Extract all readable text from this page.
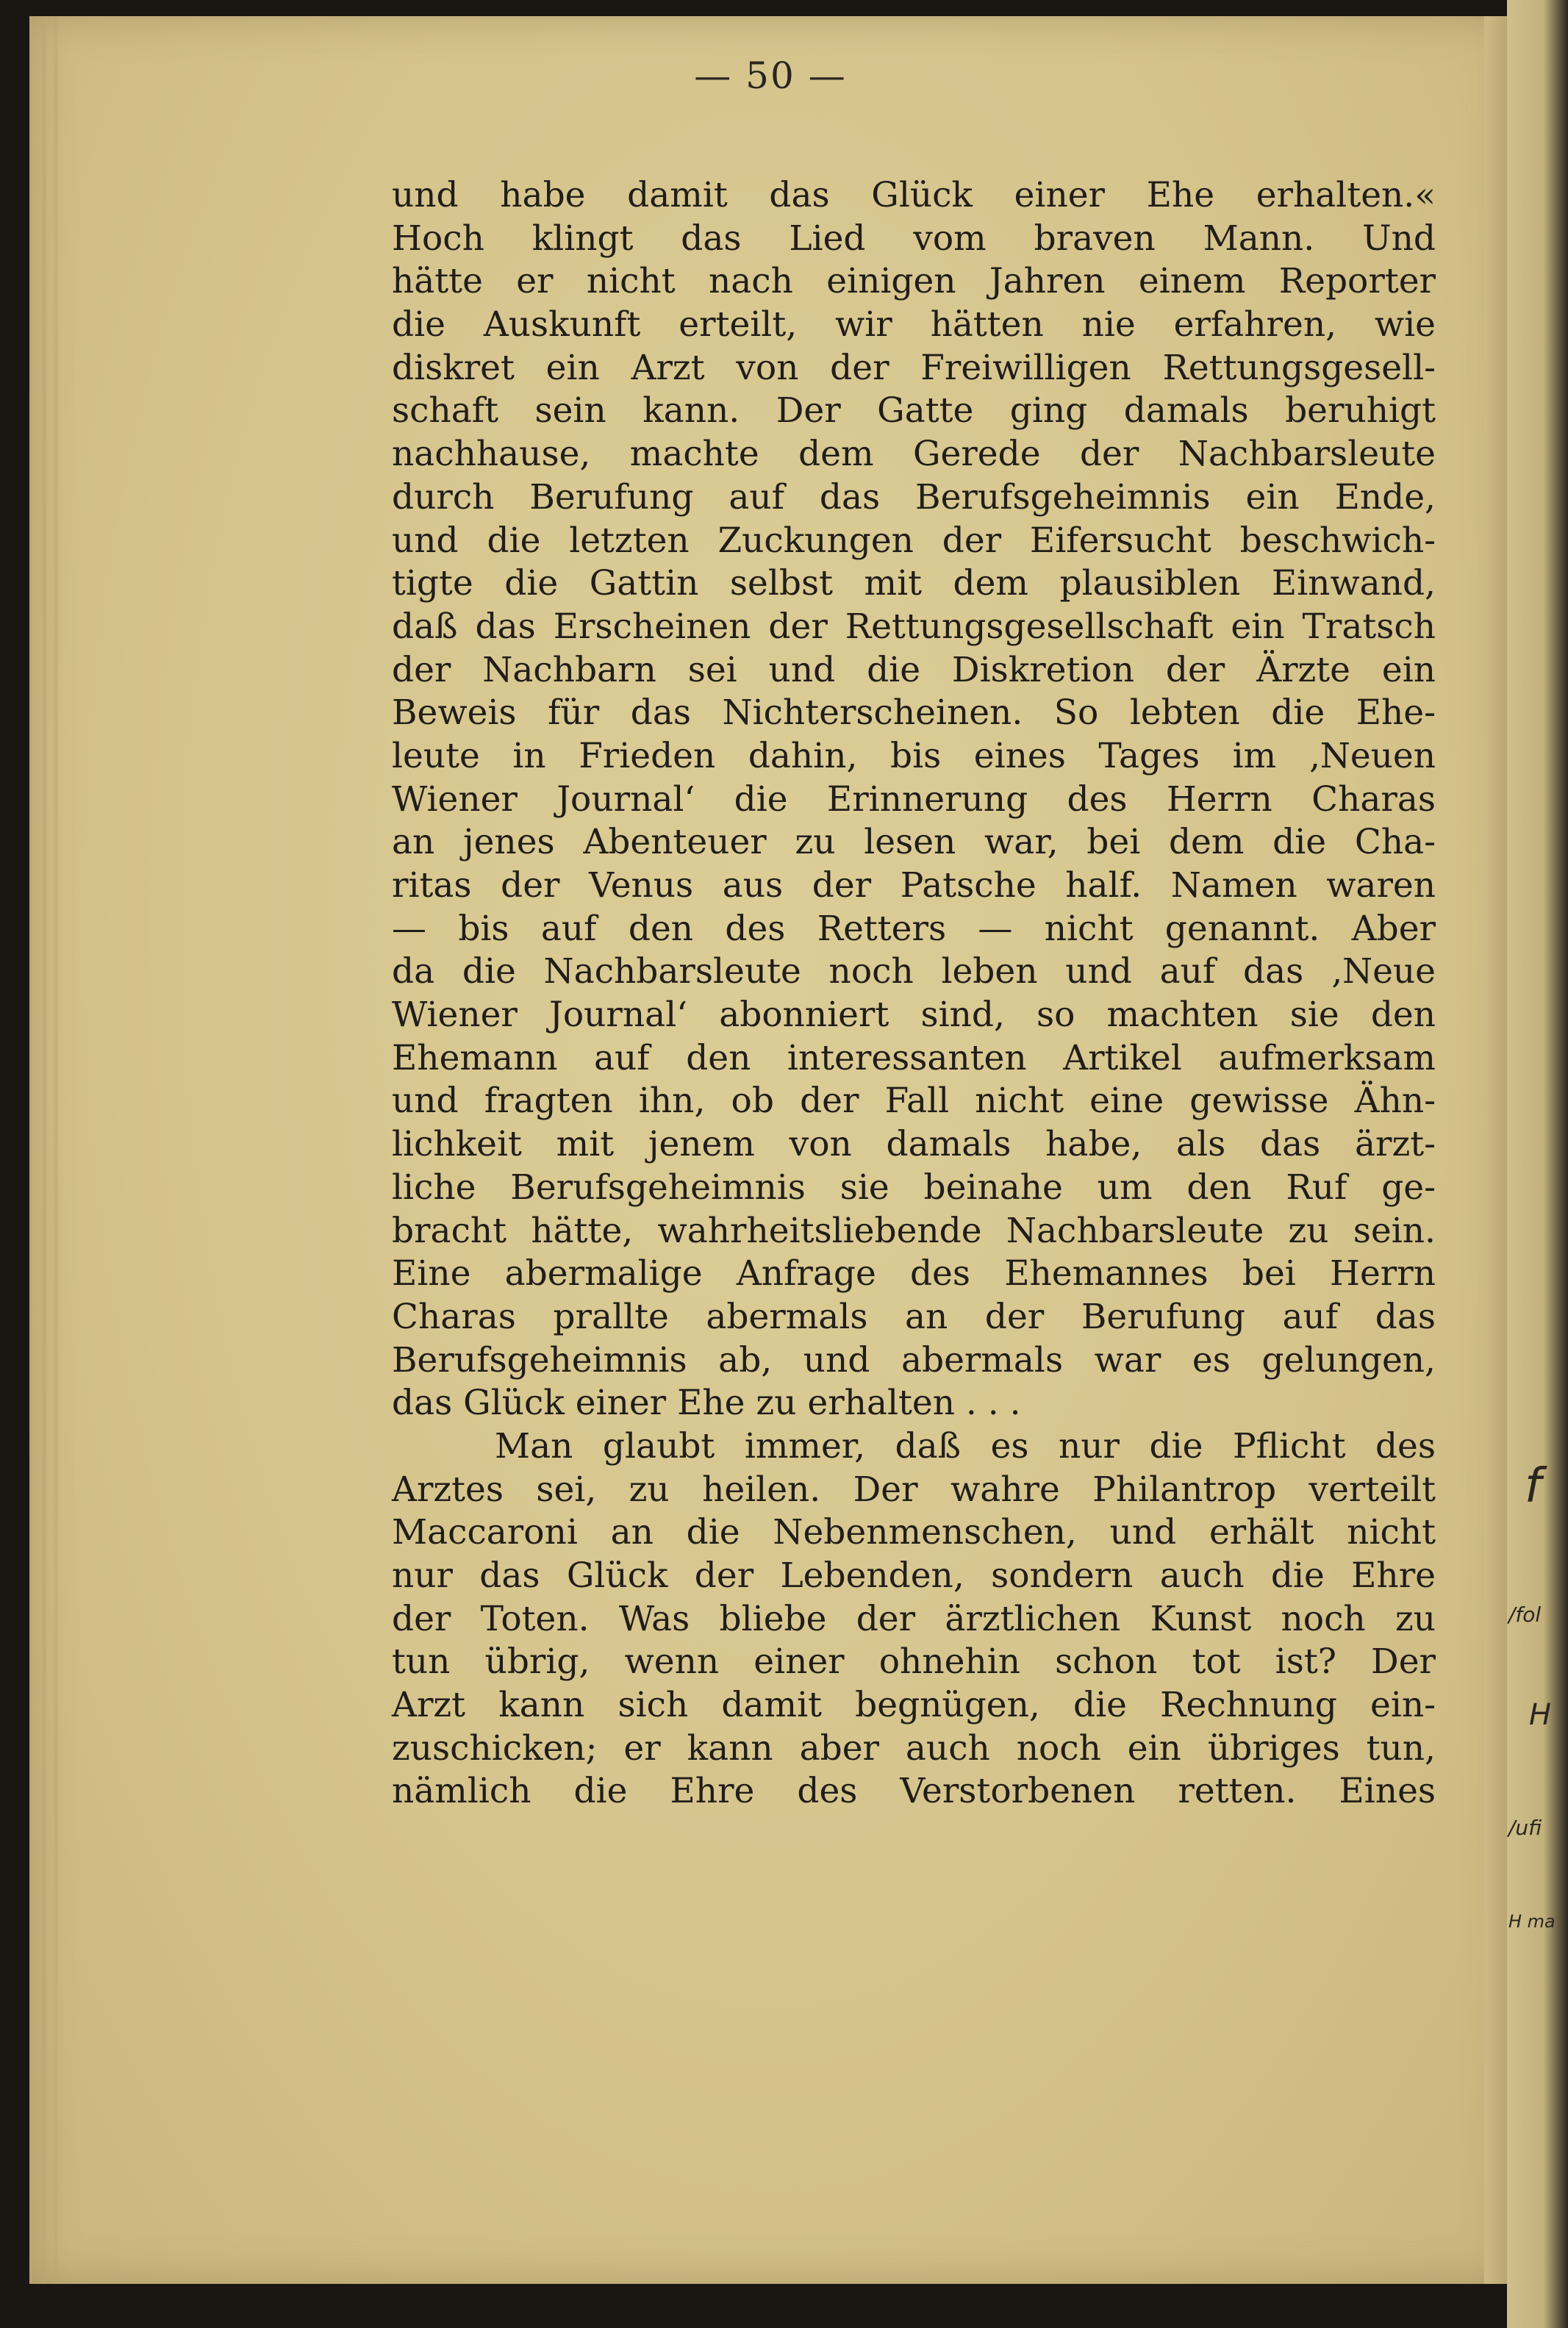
— 50 —
und habe damit das Glück einer Ehe erhalten.«
Hoch klingt das Lied vom braven Mann. Und
hätte er nicht nach einigen Jahren einem Reporter
die Auskunft erteilt, wir hätten nie erfahren, wie
diskret ein Arzt von der Freiwilligen Rettungsgesell-
schaft sein kann. Der Gatte ging damals beruhigt
nachhause, machte dem Gerede der Nachbarsleute
durch Berufung auf das Berufsgeheimnis ein Ende,
und die letzten Zuckungen der Eifersucht beschwich-
tigte die Gattin selbst mit dem plausiblen Einwand,
daß das Erscheinen der Rettungsgesellschaft ein Tratsch
der Nachbarn sei und die Diskretion der Ärzte ein
Beweis für das Nichterscheinen. So lebten die Ehe-
leute in Frieden dahin, bis eines Tages im ‚Neuen
Wiener Journal‘ die Erinnerung des Herrn Charas
an jenes Abenteuer zu lesen war, bei dem die Cha-
ritas der Venus aus der Patsche half. Namen waren
— bis auf den des Retters — nicht genannt. Aber
da die Nachbarsleute noch leben und auf das ‚Neue
Wiener Journal‘ abonniert sind, so machten sie den
Ehemann auf den interessanten Artikel aufmerksam
und fragten ihn, ob der Fall nicht eine gewisse Ähn-
lichkeit mit jenem von damals habe, als das ärzt-
liche Berufsgeheimnis sie beinahe um den Ruf ge-
bracht hätte, wahrheitsliebende Nachbarsleute zu sein.
Eine abermalige Anfrage des Ehemannes bei Herrn
Charas prallte abermals an der Berufung auf das
Berufsgeheimnis ab, und abermals war es gelungen,
das Glück einer Ehe zu erhalten . . .
Man glaubt immer, daß es nur die Pflicht des
Arztes sei, zu heilen. Der wahre Philantrop verteilt
Maccaroni an die Nebenmenschen, und erhält nicht
nur das Glück der Lebenden, sondern auch die Ehre
der Toten. Was bliebe der ärztlichen Kunst noch zu
tun übrig, wenn einer ohnehin schon tot ist? Der
Arzt kann sich damit begnügen, die Rechnung ein-
zuschicken; er kann aber auch noch ein übriges tun,
nämlich die Ehre des Verstorbenen retten. Eines
f
/fol
H
/ufi
H ma
